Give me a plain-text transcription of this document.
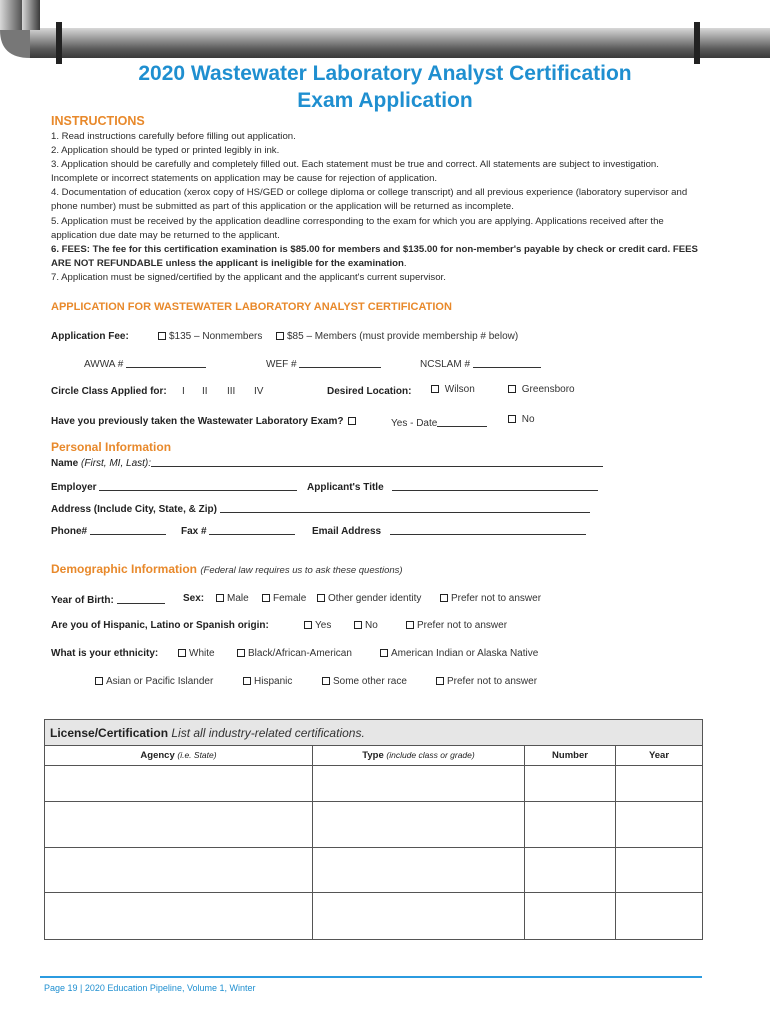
2020 Wastewater Laboratory Analyst Certification
Exam Application
INSTRUCTIONS

1. Read instructions carefully before filling out application.

2. Application should be typed or printed legibly in ink.

3. Application should be carefully and completely filled out. Each statement must be true and correct. All statements are subject to investigation. Incomplete or incorrect statements on application may be cause for rejection of application.

4. Documentation of education (xerox copy of HS/GED or college diploma or college transcript) and all previous experience (laboratory supervisor and phone number) must be submitted as part of this application or the application will be returned as incomplete.

5. Application must be received by the application deadline corresponding to the exam for which you are applying. Applications received after the application due date may be returned to the applicant.

6. FEES: The fee for this certification examination is $85.00 for members and $135.00 for non-member's payable by check or credit card. FEES ARE NOT REFUNDABLE unless the applicant is ineligible for the examination.

7. Application must be signed/certified by the applicant and the applicant's current supervisor.

APPLICATION FOR WASTEWATER LABORATORY ANALYST CERTIFICATION
Application Fee:	$135 – Nonmembers	$85 – Members (must provide membership # below)
AWWA #	WEF #	NCSLAM #
Circle Class Applied for: I II III IV	Desired Location:	Wilson	Greensboro
Have you previously taken the Wastewater Laboratory Exam?	Yes - Date	No
Personal Information
Name (First, MI, Last):
Employer	Applicant's Title
Address (Include City, State, & Zip)
Phone#	Fax #	Email Address
Demographic Information (Federal law requires us to ask these questions)
Year of Birth:	Sex:	Male	Female	Other gender identity	Prefer not to answer
Are you of Hispanic, Latino or Spanish origin:	Yes	No	Prefer not to answer
What is your ethnicity:	White	Black/African-American	American Indian or Alaska Native
Asian or Pacific Islander	Hispanic	Some other race	Prefer not to answer
License/Certification List all industry-related certifications.			
Agency (i.e. State)	Type (include class or grade)	Number	Year

Page 19 | 2020 Education Pipeline, Volume 1, Winter
